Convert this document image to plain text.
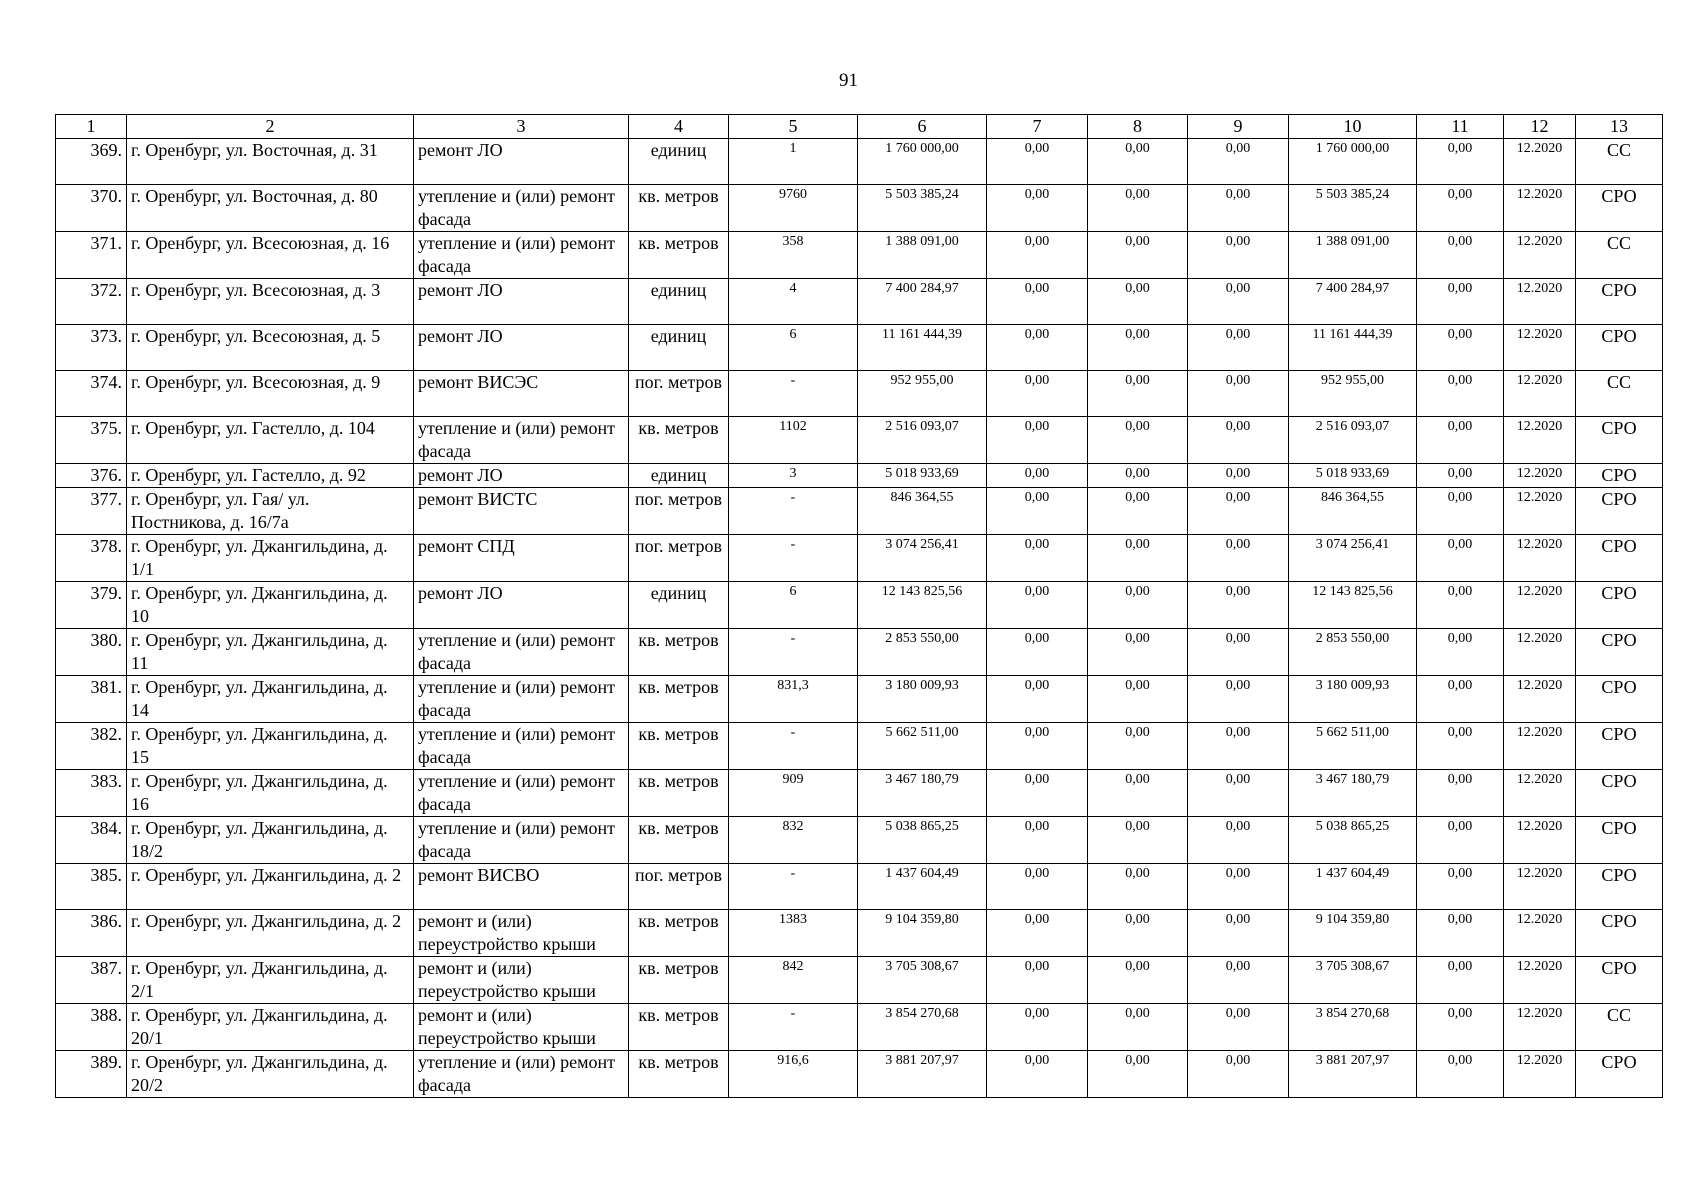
91
1	2	3	4	5	6	7	8	9	10	11	12	13
369.	г. Оренбург, ул. Восточная, д. 31	ремонт ЛО	единиц	1	1 760 000,00	0,00	0,00	0,00	1 760 000,00	0,00	12.2020	СС
370.	г. Оренбург, ул. Восточная, д. 80	утепление и (или) ремонт фасада	кв. метров	9760	5 503 385,24	0,00	0,00	0,00	5 503 385,24	0,00	12.2020	СРО
371.	г. Оренбург, ул. Всесоюзная, д. 16	утепление и (или) ремонт фасада	кв. метров	358	1 388 091,00	0,00	0,00	0,00	1 388 091,00	0,00	12.2020	СС
372.	г. Оренбург, ул. Всесоюзная, д. 3	ремонт ЛО	единиц	4	7 400 284,97	0,00	0,00	0,00	7 400 284,97	0,00	12.2020	СРО
373.	г. Оренбург, ул. Всесоюзная, д. 5	ремонт ЛО	единиц	6	11 161 444,39	0,00	0,00	0,00	11 161 444,39	0,00	12.2020	СРО
374.	г. Оренбург, ул. Всесоюзная, д. 9	ремонт ВИСЭС	пог. метров	-	952 955,00	0,00	0,00	0,00	952 955,00	0,00	12.2020	СС
375.	г. Оренбург, ул. Гастелло, д. 104	утепление и (или) ремонт фасада	кв. метров	1102	2 516 093,07	0,00	0,00	0,00	2 516 093,07	0,00	12.2020	СРО
376.	г. Оренбург, ул. Гастелло, д. 92	ремонт ЛО	единиц	3	5 018 933,69	0,00	0,00	0,00	5 018 933,69	0,00	12.2020	СРО
377.	г. Оренбург, ул. Гая/ ул. Постникова, д. 16/7а	ремонт ВИСТС	пог. метров	-	846 364,55	0,00	0,00	0,00	846 364,55	0,00	12.2020	СРО
378.	г. Оренбург, ул. Джангильдина, д. 1/1	ремонт СПД	пог. метров	-	3 074 256,41	0,00	0,00	0,00	3 074 256,41	0,00	12.2020	СРО
379.	г. Оренбург, ул. Джангильдина, д. 10	ремонт ЛО	единиц	6	12 143 825,56	0,00	0,00	0,00	12 143 825,56	0,00	12.2020	СРО
380.	г. Оренбург, ул. Джангильдина, д. 11	утепление и (или) ремонт фасада	кв. метров	-	2 853 550,00	0,00	0,00	0,00	2 853 550,00	0,00	12.2020	СРО
381.	г. Оренбург, ул. Джангильдина, д. 14	утепление и (или) ремонт фасада	кв. метров	831,3	3 180 009,93	0,00	0,00	0,00	3 180 009,93	0,00	12.2020	СРО
382.	г. Оренбург, ул. Джангильдина, д. 15	утепление и (или) ремонт фасада	кв. метров	-	5 662 511,00	0,00	0,00	0,00	5 662 511,00	0,00	12.2020	СРО
383.	г. Оренбург, ул. Джангильдина, д. 16	утепление и (или) ремонт фасада	кв. метров	909	3 467 180,79	0,00	0,00	0,00	3 467 180,79	0,00	12.2020	СРО
384.	г. Оренбург, ул. Джангильдина, д. 18/2	утепление и (или) ремонт фасада	кв. метров	832	5 038 865,25	0,00	0,00	0,00	5 038 865,25	0,00	12.2020	СРО
385.	г. Оренбург, ул. Джангильдина, д. 2	ремонт ВИСВО	пог. метров	-	1 437 604,49	0,00	0,00	0,00	1 437 604,49	0,00	12.2020	СРО
386.	г. Оренбург, ул. Джангильдина, д. 2	ремонт и (или) переустройство крыши	кв. метров	1383	9 104 359,80	0,00	0,00	0,00	9 104 359,80	0,00	12.2020	СРО
387.	г. Оренбург, ул. Джангильдина, д. 2/1	ремонт и (или) переустройство крыши	кв. метров	842	3 705 308,67	0,00	0,00	0,00	3 705 308,67	0,00	12.2020	СРО
388.	г. Оренбург, ул. Джангильдина, д. 20/1	ремонт и (или) переустройство крыши	кв. метров	-	3 854 270,68	0,00	0,00	0,00	3 854 270,68	0,00	12.2020	СС
389.	г. Оренбург, ул. Джангильдина, д. 20/2	утепление и (или) ремонт фасада	кв. метров	916,6	3 881 207,97	0,00	0,00	0,00	3 881 207,97	0,00	12.2020	СРО
